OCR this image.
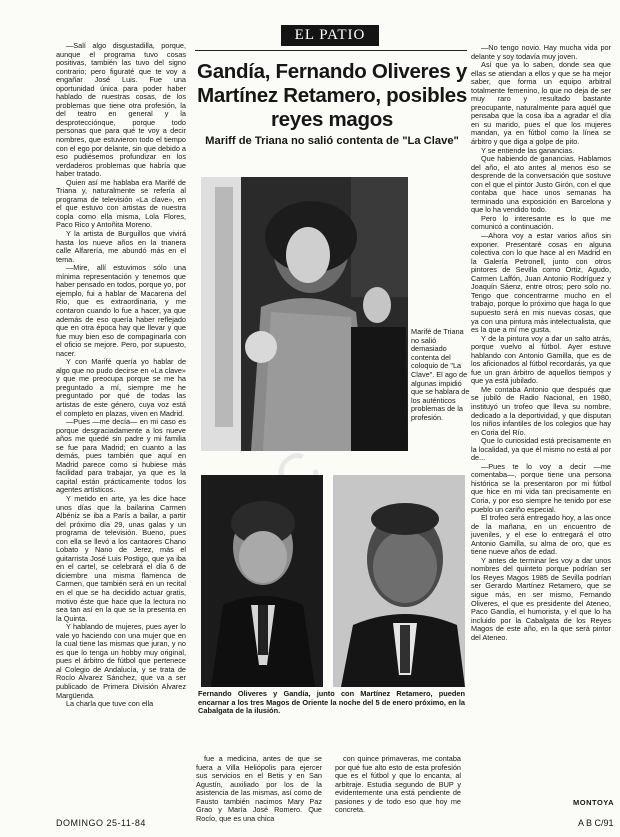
EL PATIO
Gandía, Fernando Oliveres y Martínez Retamero, posibles reyes magos
Mariff de Triana no salió contenta de "La Clave"

—Salí algo disgustadilla, porque, aunque el programa tuvo cosas positivas, también las tuvo del signo contrario; pero figuraté que te voy a engañar José Luis. Fue una oportunidad única para poder haber hablado de nuestras cosas, de los problemas que tiene otra profesión, la del teatro en general y la desprotecciónque, porque todo personas que para qué te voy a decir nombres, que estuvieron todo el tiempo con el ego por delante, sin que debido a eso pudiésemos profundizar en los verdaderos problemas que habría que haber tratado.

Quien así me hablaba era Marifé de Triana y, naturalmente se refería al programa de televisión «La clave», en el que estuvo con artistas de nuestra copla como ella misma, Lola Flores, Paco Rico y Antoñita Moreno.

Y la artista de Burguillos que vivirá hasta los nueve años en la trianera calle Alfarería, me abundó más en el tema.

—Mire, allí estuvimos sólo una mínima representación y tenemos que haber pensado en todos, porque yo, por ejemplo, fui a hablar de Macarena del Río, que es extraordinaria, y me contaron cuando lo fue a hacer, ya que además de eso quería haber reflejado que en otra época hay que llevar y que fue muy bien eso de compaginarla con el oficio se mejore. Pero, por supuesto, nacer.

Y con Marifé quería yo hablar de algo que no pudo decirse en «La clave» y que me preocupa porque se me ha preguntado a mí, siempre me he preguntado por qué de todas las artistas de este género, cuya voz está el completo en plazas, viven en Madrid.

—Pues —me decía— en mi caso es porque desgraciadamente a los nueve años me quedé sin padre y mi familia se fue para Madrid; en cuanto a las demás, pues también que aquí en Madrid parece como si hubiese más facilidad para trabajar, ya que es la capital están prácticamente todos los agentes artísticos.

Y metido en arte, ya les dice hace unos días que la bailarina Carmen Albéniz se iba a París a bailar, a partir del próximo día 29, unas galas y un programa de televisión. Bueno, pues con ella se llevó a los cantaores Chano Lobato y Nano de Jerez, más el guitarrista José Luis Postigo, que ya iba en el cartel, se celebrará el día 6 de diciembre una misma flamenca de Carmen, que también será en un recital en el que se ha decidido actuar gratis, motivo éste que hace que la lectura no sea tan así en la que se la presenta en la Quinta.

Y hablando de mujeres, pues ayer lo vale yo haciendo con una mujer que en la cual tiene las mismas que juran, y no es que lo tenga un hobby muy original, pues el árbitro de fútbol que pertenece al Colegio de Andalucía, y se trata de Rocío Alvarez Sánchez, que va a ser publicado de Primera División Alvarez Margüenda.

La charla que tuve con ella

Marifé de Triana no salió demasiado contenta del coloquio de "La Clave". El ago de algunas impidió que se hablara de los auténticos problemas de la profesión.
Fernando Oliveres y Gandía, junto con Martínez Retamero, pueden encarnar a los tres Magos de Oriente la noche del 5 de enero próximo, en la Cabalgata de la ilusión.

fue a medicina, antes de que se fuera a Villa Heliópolis para ejercer sus servicios en el Betis y en San Agustín, auxiliado por los de la asistencia de las mismas, así como de Fausto también nacimos Mary Paz Grao y María José Romero. Que Rocío, que es una chica

con quince primaveras, me contaba por qué fue alto esto de esta profesión que es el fútbol y que lo encanta, al arbitraje. Estudia segundo de BUP y evidentemente una está pendiente de pasiones y de todo eso que hoy me concreta.

—No tengo novio. Hay mucha vida por delante y soy todavía muy joven.

Así que ya lo saben, donde sea que ellas se atiendan a ellos y que se ha mejor saber, que forma un equipo arbitral totalmente femenino, lo que no deja de ser muy raro y resultado bastante preocupante, naturalmente para aquél que pensaba que la cosa iba a agradar el día en su marido, pues el que los mujeres mandan, ya en fútbol como la línea se árbitro y que diga a golpe de pito.

Y se entiende las ganancias.

Que habiendo de ganancias. Hablamos del año, el ato antes al menos eso se desprende de la conversación que sostuve con el que el pintor Justo Girón, con el que contaba que hace unos semanas ha terminado una exposición en Barcelona y que lo ha vendido todo.

Pero lo interesante es lo que me comunicó a continuación.

—Ahora voy a estar varios años sin exponer. Presentaré cosas en alguna colectiva con lo que hace al en Madrid en la Galería Petronell, junto con otros pintores de Sevilla como Ortiz, Agudo, Carmen Laffón, Juan Antonio Rodríguez y Joaquín Sáenz, entre otros; pero solo no. Tengo que concentrarme mucho en el trabajo, porque lo próximo que haga lo que supuesto será en mis nuevas cosas, que ya con una pintura más intelectualista, que es la que a mí me gusta.

Y de la pintura voy a dar un salto atrás, porque vuelvo al fútbol. Ayer estuve hablando con Antonio Gamilla, que es de los aficionados al fútbol recordarás, ya que fue un gran árbitro de aquellos tiempos y que ya está jubilado.

Me contaba Antonio que después que se jubiló de Radio Nacional, en 1980, instituyó un trofeo que lleva su nombre, dedicado a la deportividad, y que disputan los niños infantiles de los colegios que hay en Coria del Río.

Que lo curiosidad está precisamente en la localidad, ya que él mismo no está al por de...

—Pues te lo voy a decir —me comentaba—, porque tiene una persona histórica se la presentaron por mi fútbol que hice en mi vida tan precisamente en Coria, y por eso siempre he tenido por ese pueblo un cariño especial.

El trofeo será entregado hoy, a las once de la mañana, en un encuentro de juveniles, y el ese lo entregará el otro Antonio Gamilla, su alma de oro, que es tiene nueve años de edad.

Y antes de terminar les voy a dar unos nombres del quinteto porque podrían ser los Reyes Magos 1985 de Sevilla podrían ser Gerardo Martínez Retamero, que se sigue más, en ser mismo, Fernando Oliveres, el que es presidente del Ateneo, Paco Gandía, el humorista, y el que lo ha incluido por la Cabalgata de los Reyes Magos de este año, en la que será pintor del Ateneo.

MONTOYA
DOMINGO 25-11-84	A B C/91
